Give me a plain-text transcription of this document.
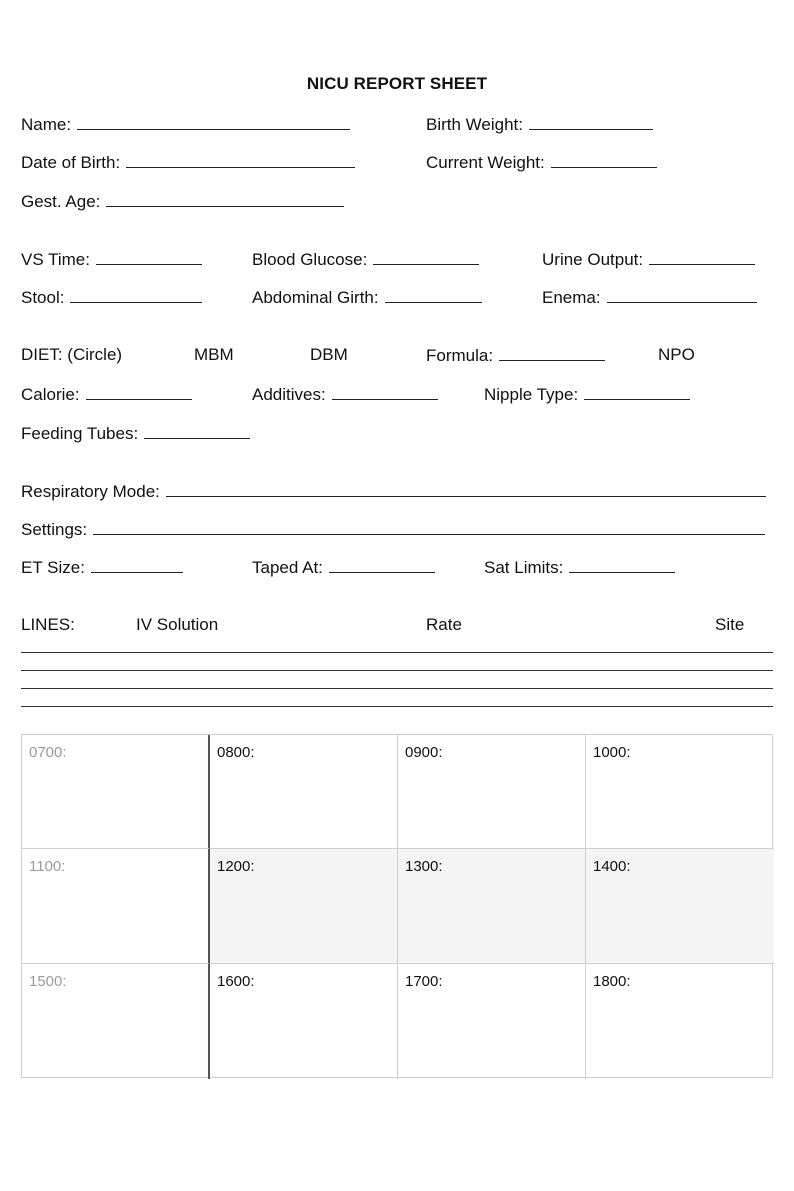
NICU REPORT SHEET
Name:	Birth Weight:
Date of Birth:	Current Weight:
Gest. Age:
VS Time:	Blood Glucose:	Urine Output:
Stool:	Abdominal Girth:	Enema:
DIET: (Circle)	MBM	DBM	Formula:	NPO
Calorie:	Additives:	Nipple Type:
Feeding Tubes:
Respiratory Mode:
Settings:
ET Size:	Taped At:	Sat Limits:
LINES:	IV Solution	Rate	Site
0700:	0800:	0900:	1000:
1100:	1200:	1300:	1400:
1500:	1600:	1700:	1800:
